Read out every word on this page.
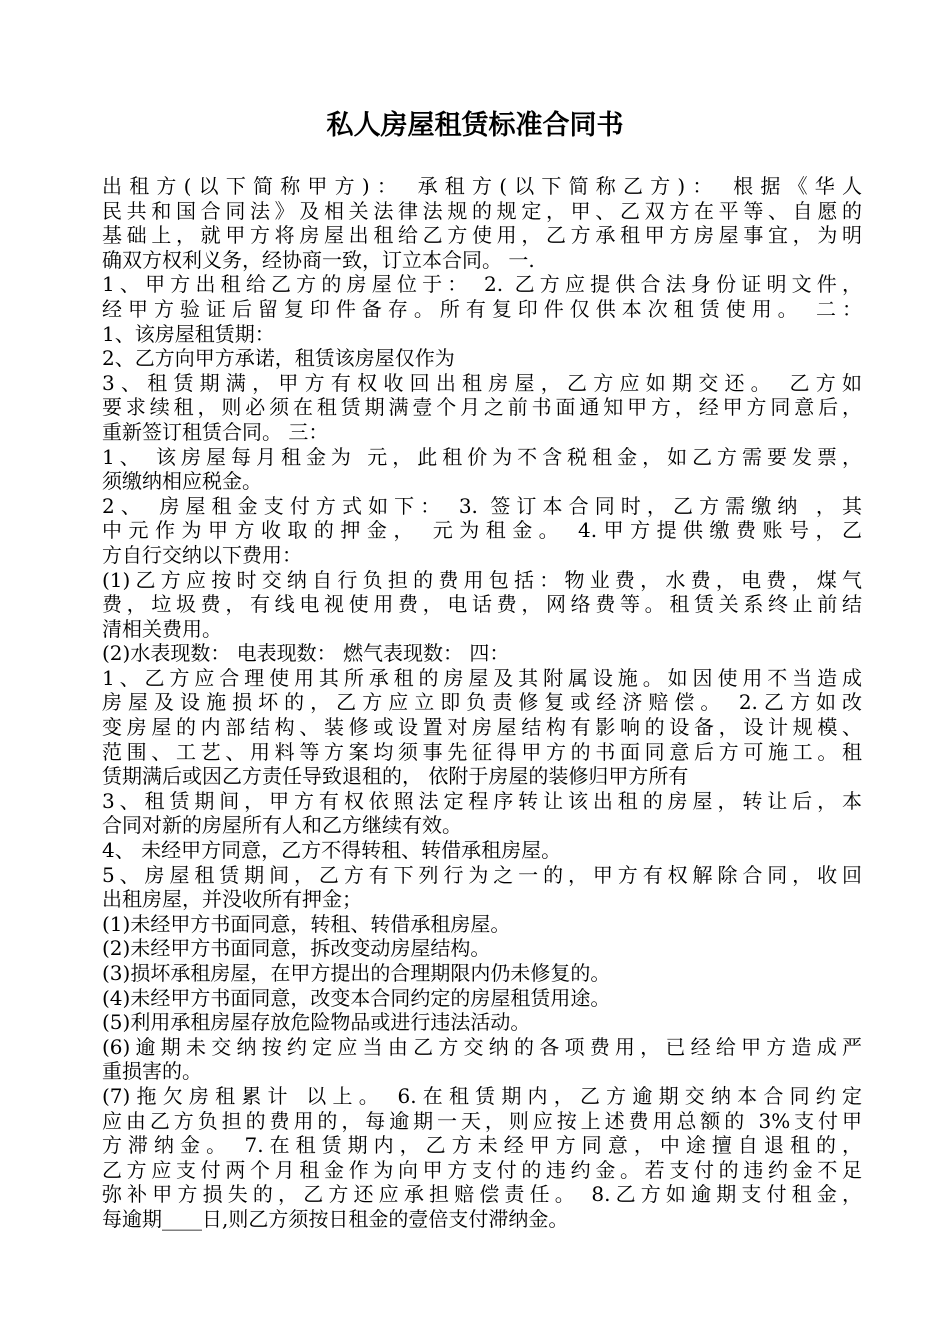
私人房屋租赁标准合同书
出租方(以下简称甲方)： 承租方(以下简称乙方)： 根据《华人
民共和国合同法》及相关法律法规的规定，甲、乙双方在平等、自愿的
基础上，就甲方将房屋出租给乙方使用，乙方承租甲方房屋事宜，为明
确双方权利义务，经协商一致，订立本合同。 一.
1、甲方出租给乙方的房屋位于： 2. 乙方应提供合法身份证明文件，
经甲方验证后留复印件备存。所有复印件仅供本次租赁使用。 二：
1、该房屋租赁期：
2、乙方向甲方承诺，租赁该房屋仅作为
3、租赁期满，甲方有权收回出租房屋，乙方应如期交还。 乙方如
要求续租，则必须在租赁期满壹个月之前书面通知甲方，经甲方同意后，
重新签订租赁合同。 三：
1、 该房屋每月租金为 元，此租价为不含税租金，如乙方需要发票，
须缴纳相应税金。
2、 房屋租金支付方式如下： 3. 签订本合同时，乙方需缴纳 ，其
中元作为甲方收取的押金， 元为租金。 4.甲方提供缴费账号，乙
方自行交纳以下费用：
(1)乙方应按时交纳自行负担的费用包括：物业费，水费，电费，煤气
费，垃圾费，有线电视使用费，电话费，网络费等。租赁关系终止前结
清相关费用。
(2)水表现数： 电表现数： 燃气表现数： 四：
1、乙方应合理使用其所承租的房屋及其附属设施。如因使用不当造成
房屋及设施损坏的，乙方应立即负责修复或经济赔偿。 2.乙方如改
变房屋的内部结构、装修或设置对房屋结构有影响的设备，设计规模、
范围、工艺、用料等方案均须事先征得甲方的书面同意后方可施工。租
赁期满后或因乙方责任导致退租的， 依附于房屋的装修归甲方所有
3、租赁期间，甲方有权依照法定程序转让该出租的房屋，转让后，本
合同对新的房屋所有人和乙方继续有效。
4、 未经甲方同意，乙方不得转租、转借承租房屋。
5、房屋租赁期间，乙方有下列行为之一的，甲方有权解除合同，收回
出租房屋，并没收所有押金；
(1)未经甲方书面同意，转租、转借承租房屋。
(2)未经甲方书面同意，拆改变动房屋结构。
(3)损坏承租房屋，在甲方提出的合理期限内仍未修复的。
(4)未经甲方书面同意，改变本合同约定的房屋租赁用途。
(5)利用承租房屋存放危险物品或进行违法活动。
(6)逾期未交纳按约定应当由乙方交纳的各项费用，已经给甲方造成严
重损害的。
(7)拖欠房租累计 以上。 6.在租赁期内，乙方逾期交纳本合同约定
应由乙方负担的费用的，每逾期一天，则应按上述费用总额的 3%支付甲
方滞纳金。 7.在租赁期内，乙方未经甲方同意，中途擅自退租的，
乙方应支付两个月租金作为向甲方支付的违约金。若支付的违约金不足
弥补甲方损失的，乙方还应承担赔偿责任。 8.乙方如逾期支付租金，
每逾期____日,则乙方须按日租金的壹倍支付滞纳金。
